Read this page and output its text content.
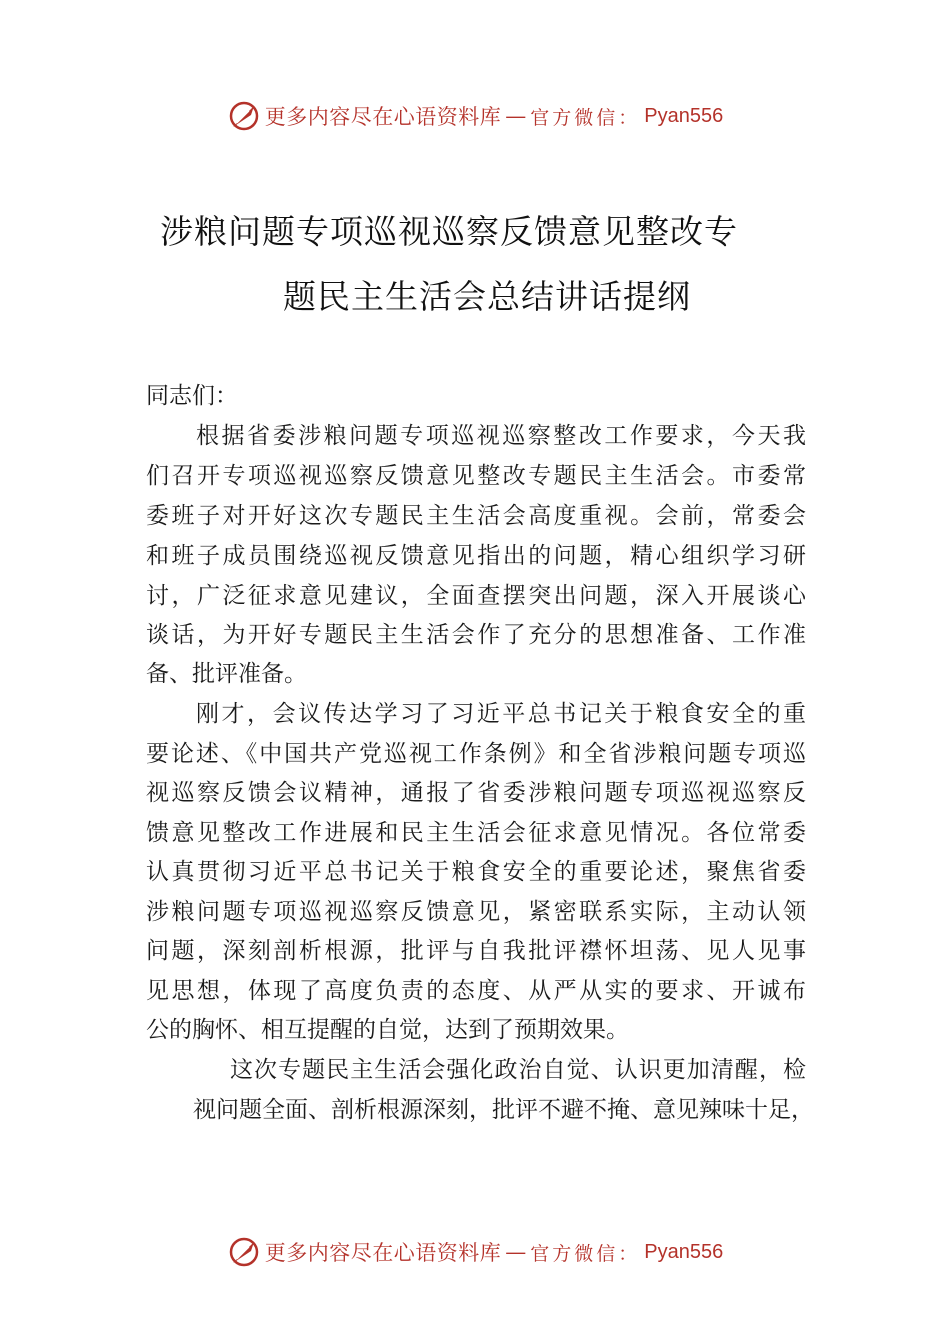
更多内容尽在心语资料库 — 官方微信： Pyan556
涉粮问题专项巡视巡察反馈意见整改专
题民主生活会总结讲话提纲
同志们：
根据省委涉粮问题专项巡视巡察整改工作要求，今天我
们召开专项巡视巡察反馈意见整改专题民主生活会。市委常
委班子对开好这次专题民主生活会高度重视。会前，常委会
和班子成员围绕巡视反馈意见指出的问题，精心组织学习研
讨，广泛征求意见建议，全面查摆突出问题，深入开展谈心
谈话，为开好专题民主生活会作了充分的思想准备、工作准
备、批评准备。
刚才，会议传达学习了习近平总书记关于粮食安全的重
要论述、《中国共产党巡视工作条例》和全省涉粮问题专项巡
视巡察反馈会议精神，通报了省委涉粮问题专项巡视巡察反
馈意见整改工作进展和民主生活会征求意见情况。各位常委
认真贯彻习近平总书记关于粮食安全的重要论述，聚焦省委
涉粮问题专项巡视巡察反馈意见，紧密联系实际，主动认领
问题，深刻剖析根源，批评与自我批评襟怀坦荡、见人见事
见思想，体现了高度负责的态度、从严从实的要求、开诚布
公的胸怀、相互提醒的自觉，达到了预期效果。
这次专题民主生活会强化政治自觉、认识更加清醒，检
视问题全面、剖析根源深刻，批评不避不掩、意见辣味十足，
更多内容尽在心语资料库 — 官方微信： Pyan556
